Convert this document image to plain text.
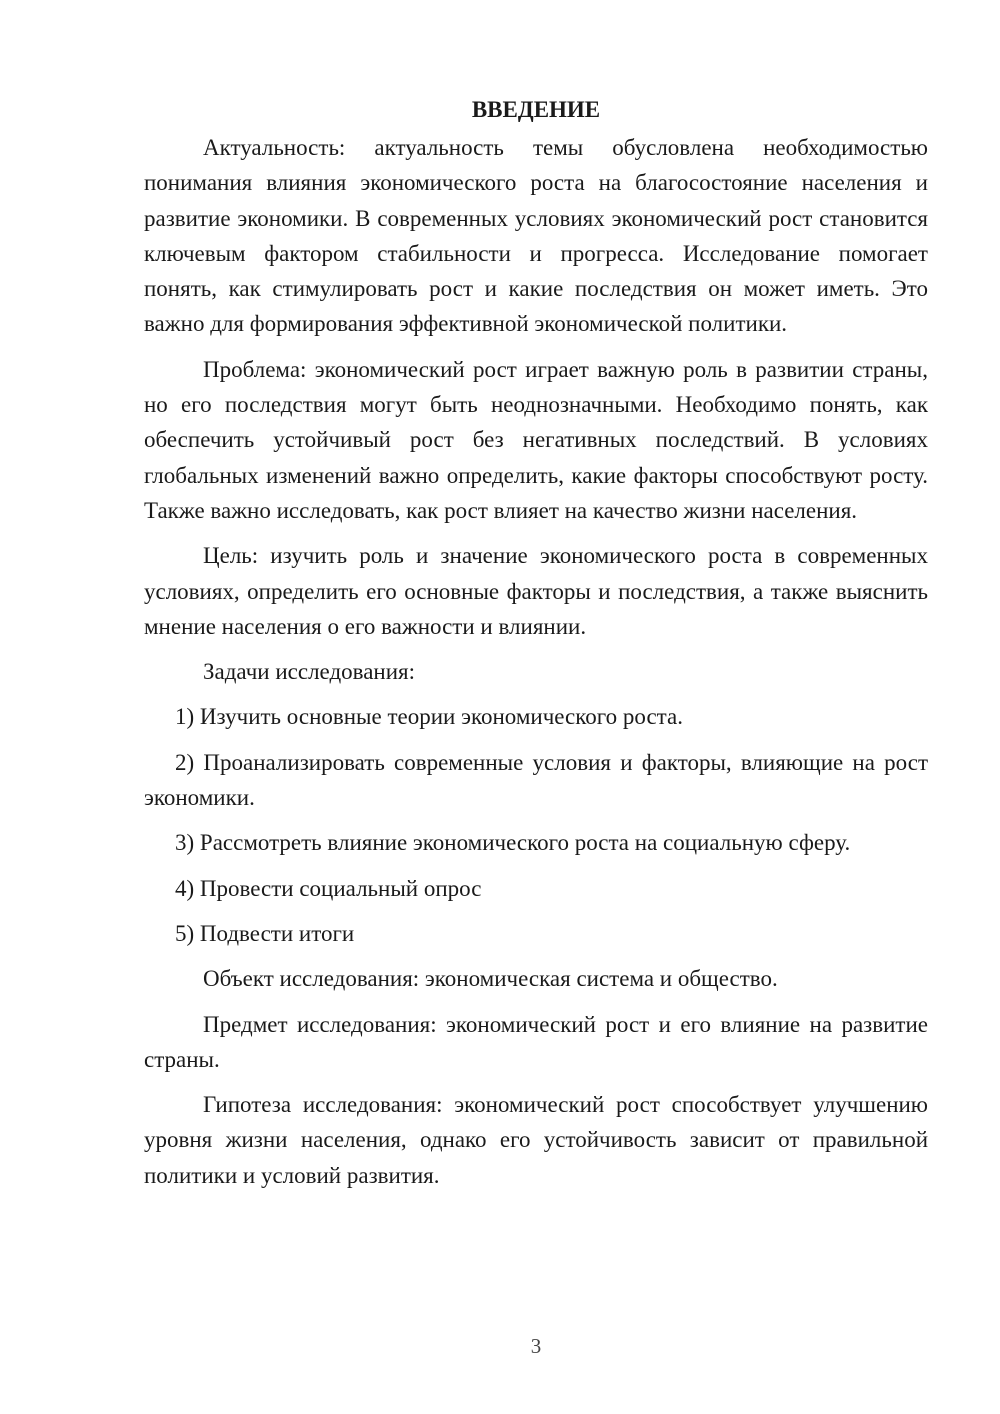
ВВЕДЕНИЕ

Актуальность: актуальность темы обусловлена необходимостью понимания влияния экономического роста на благосостояние населения и развитие экономики. В современных условиях экономический рост становится ключевым фактором стабильности и прогресса. Исследование помогает понять, как стимулировать рост и какие последствия он может иметь. Это важно для формирования эффективной экономической политики.

Проблема: экономический рост играет важную роль в развитии страны, но его последствия могут быть неоднозначными. Необходимо понять, как обеспечить устойчивый рост без негативных последствий. В условиях глобальных изменений важно определить, какие факторы способствуют росту. Также важно исследовать, как рост влияет на качество жизни населения.

Цель: изучить роль и значение экономического роста в современных условиях, определить его основные факторы и последствия, а также выяснить мнение населения о его важности и влиянии.

Задачи исследования:

1) Изучить основные теории экономического роста.

2) Проанализировать современные условия и факторы, влияющие на рост экономики.

3) Рассмотреть влияние экономического роста на социальную сферу.

4) Провести социальный опрос

5) Подвести итоги

Объект исследования: экономическая система и общество.

Предмет исследования: экономический рост и его влияние на развитие страны.

Гипотеза исследования: экономический рост способствует улучшению уровня жизни населения, однако его устойчивость зависит от правильной политики и условий развития.

3
